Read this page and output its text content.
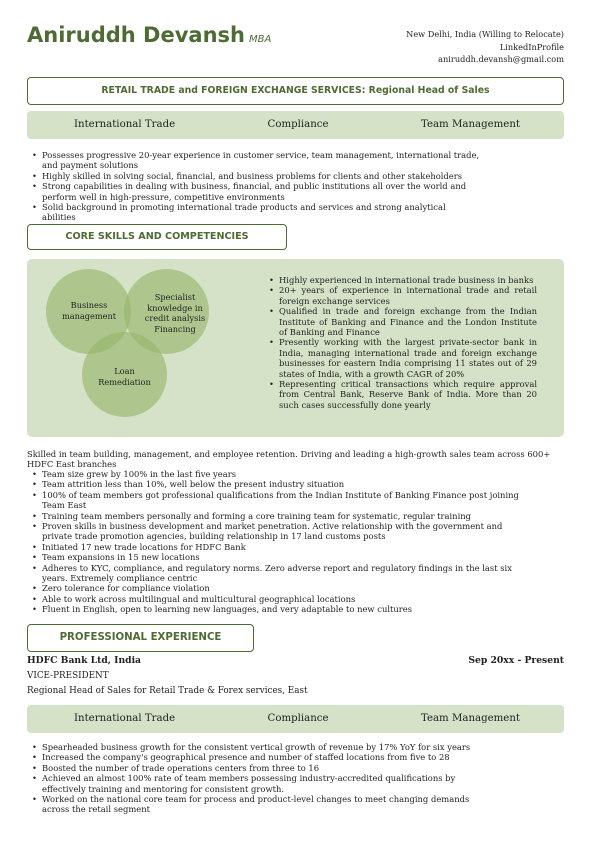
Aniruddh Devansh MBA	New Delhi, India (Willing to Relocate)
LinkedInProfile
aniruddh.devansh@gmail.com
RETAIL TRADE and FOREIGN EXCHANGE SERVICES: Regional Head of Sales
International Trade	Compliance	Team Management
• Possesses progressive 20-year experience in customer service, team management, international trade, and payment solutions
• Highly skilled in solving social, financial, and business problems for clients and other stakeholders
• Strong capabilities in dealing with business, financial, and public institutions all over the world and perform well in high-pressure, competitive environments
• Solid background in promoting international trade products and services and strong analytical abilities
CORE SKILLS AND COMPETENCIES
Business management
Specialist knowledge in credit analysis Financing
Loan Remediation
• Highly experienced in international trade business in banks
• 20+ years of experience in international trade and retail foreign exchange services
• Qualified in trade and foreign exchange from the Indian Institute of Banking and Finance and the London Institute of Banking and Finance
• Presently working with the largest private-sector bank in India, managing international trade and foreign exchange businesses for eastern India comprising 11 states out of 29 states of India, with a growth CAGR of 20%
• Representing critical transactions which require approval from Central Bank, Reserve Bank of India. More than 20 such cases successfully done yearly
Skilled in team building, management, and employee retention. Driving and leading a high-growth sales team across 600+ HDFC East branches
• Team size grew by 100% in the last five years
• Team attrition less than 10%, well below the present industry situation
• 100% of team members got professional qualifications from the Indian Institute of Banking Finance post joining Team East
• Training team members personally and forming a core training team for systematic, regular training
• Proven skills in business development and market penetration. Active relationship with the government and private trade promotion agencies, building relationship in 17 land customs posts
• Initiated 17 new trade locations for HDFC Bank
• Team expansions in 15 new locations
• Adheres to KYC, compliance, and regulatory norms. Zero adverse report and regulatory findings in the last six years. Extremely compliance centric
• Zero tolerance for compliance violation
• Able to work across multilingual and multicultural geographical locations
• Fluent in English, open to learning new languages, and very adaptable to new cultures
PROFESSIONAL EXPERIENCE
HDFC Bank Ltd, India	Sep 20xx - Present
VICE-PRESIDENT
Regional Head of Sales for Retail Trade & Forex services, East
International Trade	Compliance	Team Management
• Spearheaded business growth for the consistent vertical growth of revenue by 17% YoY for six years
• Increased the company's geographical presence and number of staffed locations from five to 28
• Boosted the number of trade operations centers from three to 16
• Achieved an almost 100% rate of team members possessing industry-accredited qualifications by effectively training and mentoring for consistent growth.
• Worked on the national core team for process and product-level changes to meet changing demands across the retail segment
